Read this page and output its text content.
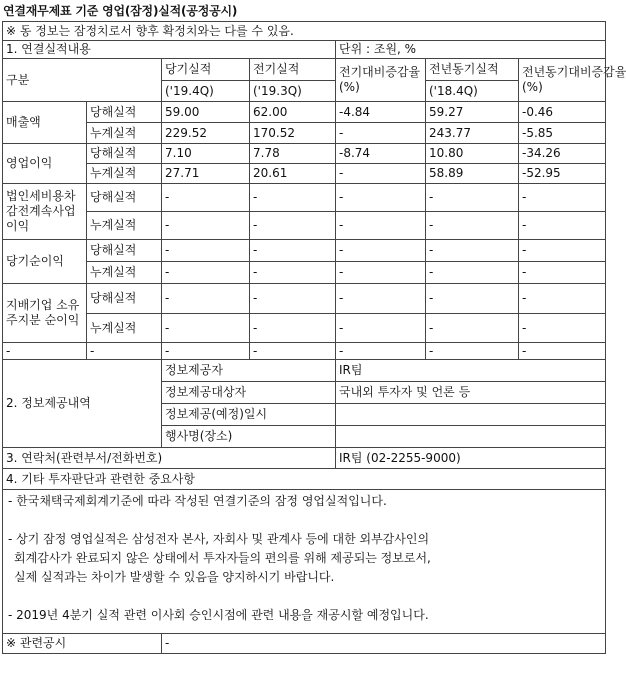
연결재무제표 기준 영업(잠정)실적(공정공시)
※ 동 정보는 잠정치로서 향후 확정치와는 다를 수 있음.						
1. 연결실적내용				단위 : 조원, %		
구분		당기실적	전기실적	전기대비증감율(%)	전년동기실적	전년동기대비증감율(%)
		('19.4Q)	('19.3Q)		('18.4Q)	
매출액	당해실적	59.00	62.00	-4.84	59.27	-0.46
	누계실적	229.52	170.52	-	243.77	-5.85
영업이익	당해실적	7.10	7.78	-8.74	10.80	-34.26
	누계실적	27.71	20.61	-	58.89	-52.95
법인세비용차감전계속사업이익	당해실적	-	-	-	-	-
	누계실적	-	-	-	-	-
당기순이익	당해실적	-	-	-	-	-
	누계실적	-	-	-	-	-
지배기업 소유주지분 순이익	당해실적	-	-	-	-	-
	누계실적	-	-	-	-	-
-	-	-	-	-	-	-
2. 정보제공내역		정보제공자		IR팀		
		정보제공대상자		국내외 투자자 및 언론 등		
		정보제공(예정)일시				
		행사명(장소)				
3. 연락처(관련부서/전화번호)				IR팀 (02-2255-9000)		
4. 기타 투자판단과 관련한 중요사항						

- 한국채택국제회계기준에 따라 작성된 연결기준의 잠정 영업실적입니다.
- 상기 잠정 영업실적은 삼성전자 본사, 자회사 및 관계사 등에 대한 외부감사인의
회계감사가 완료되지 않은 상태에서 투자자들의 편의를 위해 제공되는 정보로서,
실제 실적과는 차이가 발생할 수 있음을 양지하시기 바랍니다.
- 2019년 4분기 실적 관련 이사회 승인시점에 관련 내용을 재공시할 예정입니다.						

※ 관련공시		-				
